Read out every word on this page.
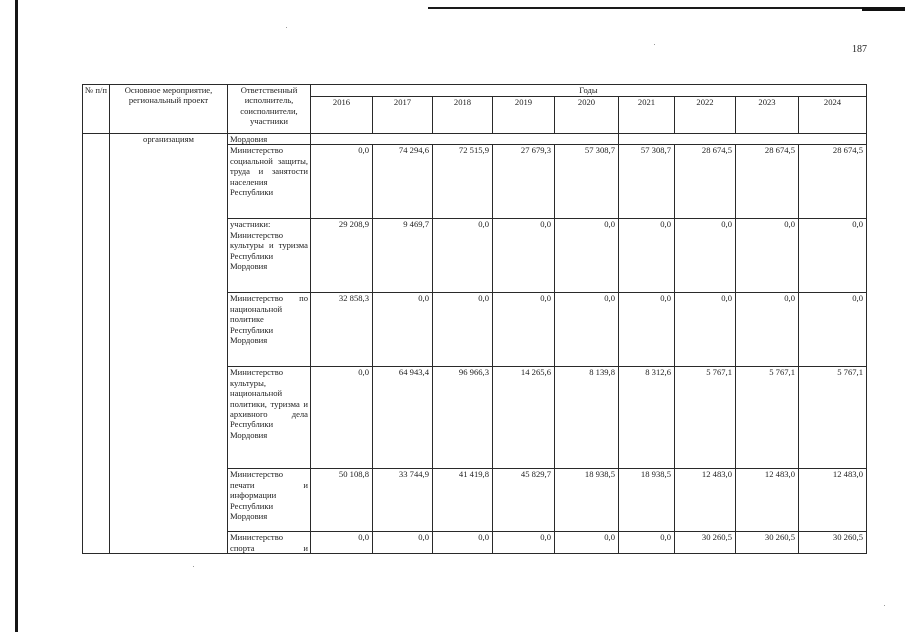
187
№ п/п	Основное мероприятие, региональный проект	Ответственный исполнитель, соисполнители, участники	Годы								
			2016	2017	2018	2019	2020	2021	2022	2023	2024
	организациям	Мордовия									
		Министерство социальной защиты, труда и занятости населения Республики	0,0	74 294,6	72 515,9	27 679,3	57 308,7	57 308,7	28 674,5	28 674,5	28 674,5
		участники: Министерство культуры и туризма Республики Мордовия	29 208,9	9 469,7	0,0	0,0	0,0	0,0	0,0	0,0	0,0
		Министерство по национальной политике Республики Мордовия	32 858,3	0,0	0,0	0,0	0,0	0,0	0,0	0,0	0,0
		Министерство культуры, национальной политики, туризма и архивного дела Республики Мордовия	0,0	64 943,4	96 966,3	14 265,6	8 139,8	8 312,6	5 767,1	5 767,1	5 767,1
		Министерство печати и информации Республики Мордовия	50 108,8	33 744,9	41 419,8	45 829,7	18 938,5	18 938,5	12 483,0	12 483,0	12 483,0
		Министерство спорта и	0,0	0,0	0,0	0,0	0,0	0,0	30 260,5	30 260,5	30 260,5
